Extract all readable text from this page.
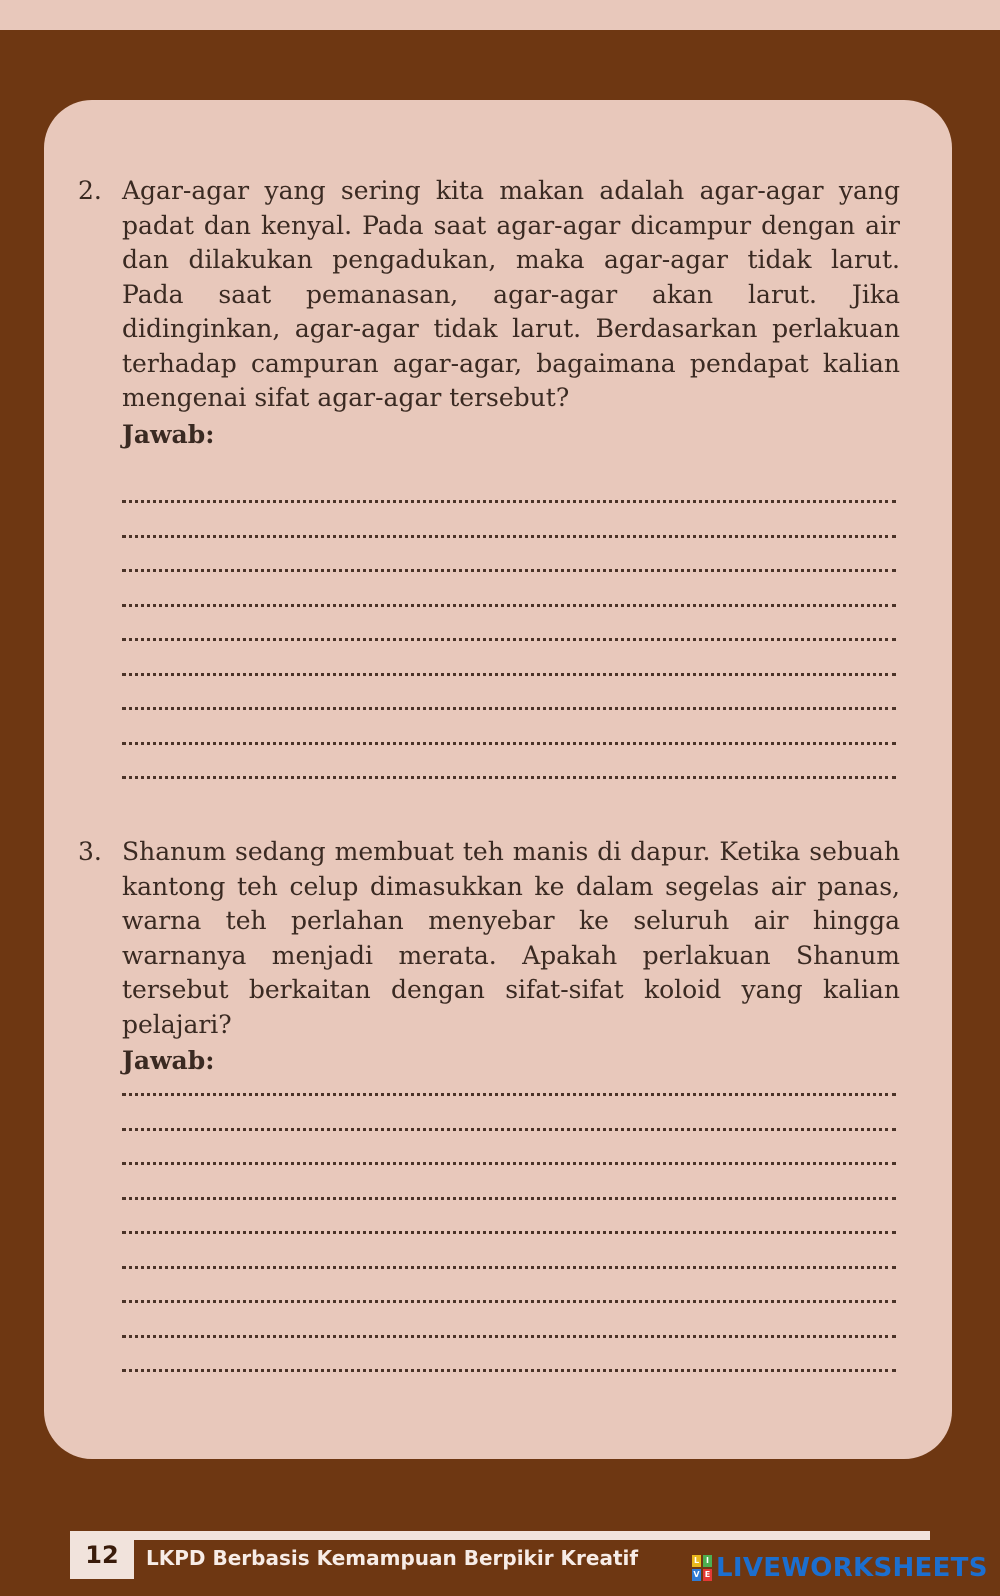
2. Agar-agar yang sering kita makan adalah agar-agar yang padat dan kenyal. Pada saat agar-agar dicampur dengan air dan dilakukan pengadukan, maka agar-agar tidak larut. Pada saat pemanasan, agar-agar akan larut. Jika didinginkan, agar-agar tidak larut. Berdasarkan perlakuan terhadap campuran agar-agar, bagaimana pendapat kalian mengenai sifat agar-agar tersebut?
Jawab:
3. Shanum sedang membuat teh manis di dapur. Ketika sebuah kantong teh celup dimasukkan ke dalam segelas air panas, warna teh perlahan menyebar ke seluruh air hingga warnanya menjadi merata. Apakah perlakuan Shanum tersebut berkaitan dengan sifat-sifat koloid yang kalian pelajari?
Jawab:
12	LKPD Berbasis Kemampuan Berpikir Kreatif	L I
V E LIVEWORKSHEETS
